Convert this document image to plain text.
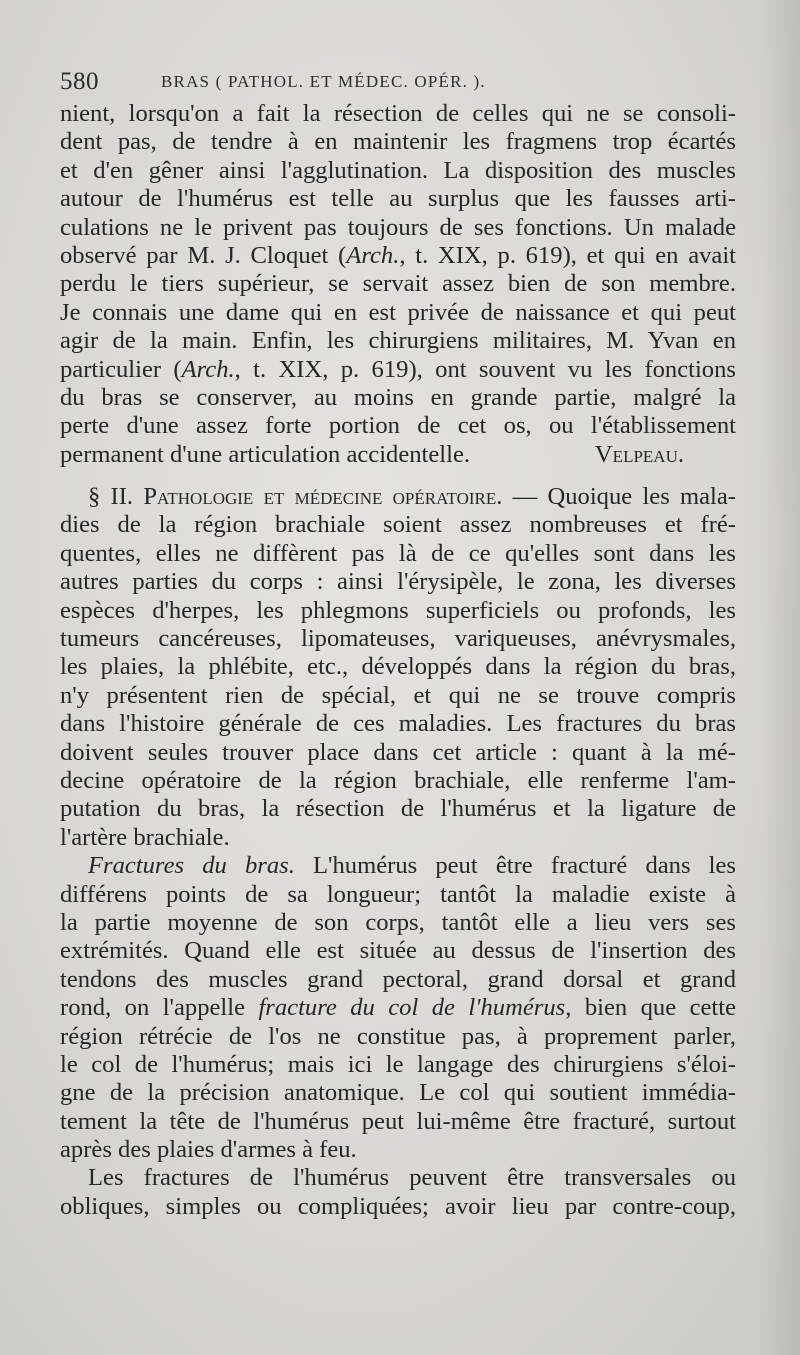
580	BRAS ( PATHOL. ET MÉDEC. OPÉR. ).
nient, lorsqu'on a fait la résection de celles qui ne se consoli-
dent pas, de tendre à en maintenir les fragmens trop écartés
et d'en gêner ainsi l'agglutination. La disposition des muscles
autour de l'humérus est telle au surplus que les fausses arti-
culations ne le privent pas toujours de ses fonctions. Un malade
observé par M. J. Cloquet (Arch., t. XIX, p. 619), et qui en avait
perdu le tiers supérieur, se servait assez bien de son membre.
Je connais une dame qui en est privée de naissance et qui peut
agir de la main. Enfin, les chirurgiens militaires, M. Yvan en
particulier (Arch., t. XIX, p. 619), ont souvent vu les fonctions
du bras se conserver, au moins en grande partie, malgré la
perte d'une assez forte portion de cet os, ou l'établissement
permanent d'une articulation accidentelle.	Velpeau.
§ II. Pathologie et médecine opératoire. — Quoique les mala-
dies de la région brachiale soient assez nombreuses et fré-
quentes, elles ne diffèrent pas là de ce qu'elles sont dans les
autres parties du corps : ainsi l'érysipèle, le zona, les diverses
espèces d'herpes, les phlegmons superficiels ou profonds, les
tumeurs cancéreuses, lipomateuses, variqueuses, anévrysmales,
les plaies, la phlébite, etc., développés dans la région du bras,
n'y présentent rien de spécial, et qui ne se trouve compris
dans l'histoire générale de ces maladies. Les fractures du bras
doivent seules trouver place dans cet article : quant à la mé-
decine opératoire de la région brachiale, elle renferme l'am-
putation du bras, la résection de l'humérus et la ligature de
l'artère brachiale.
Fractures du bras. L'humérus peut être fracturé dans les
différens points de sa longueur; tantôt la maladie existe à
la partie moyenne de son corps, tantôt elle a lieu vers ses
extrémités. Quand elle est située au dessus de l'insertion des
tendons des muscles grand pectoral, grand dorsal et grand
rond, on l'appelle fracture du col de l'humérus, bien que cette
région rétrécie de l'os ne constitue pas, à proprement parler,
le col de l'humérus; mais ici le langage des chirurgiens s'éloi-
gne de la précision anatomique. Le col qui soutient immédia-
tement la tête de l'humérus peut lui-même être fracturé, surtout
après des plaies d'armes à feu.
Les fractures de l'humérus peuvent être transversales ou
obliques, simples ou compliquées; avoir lieu par contre-coup,
